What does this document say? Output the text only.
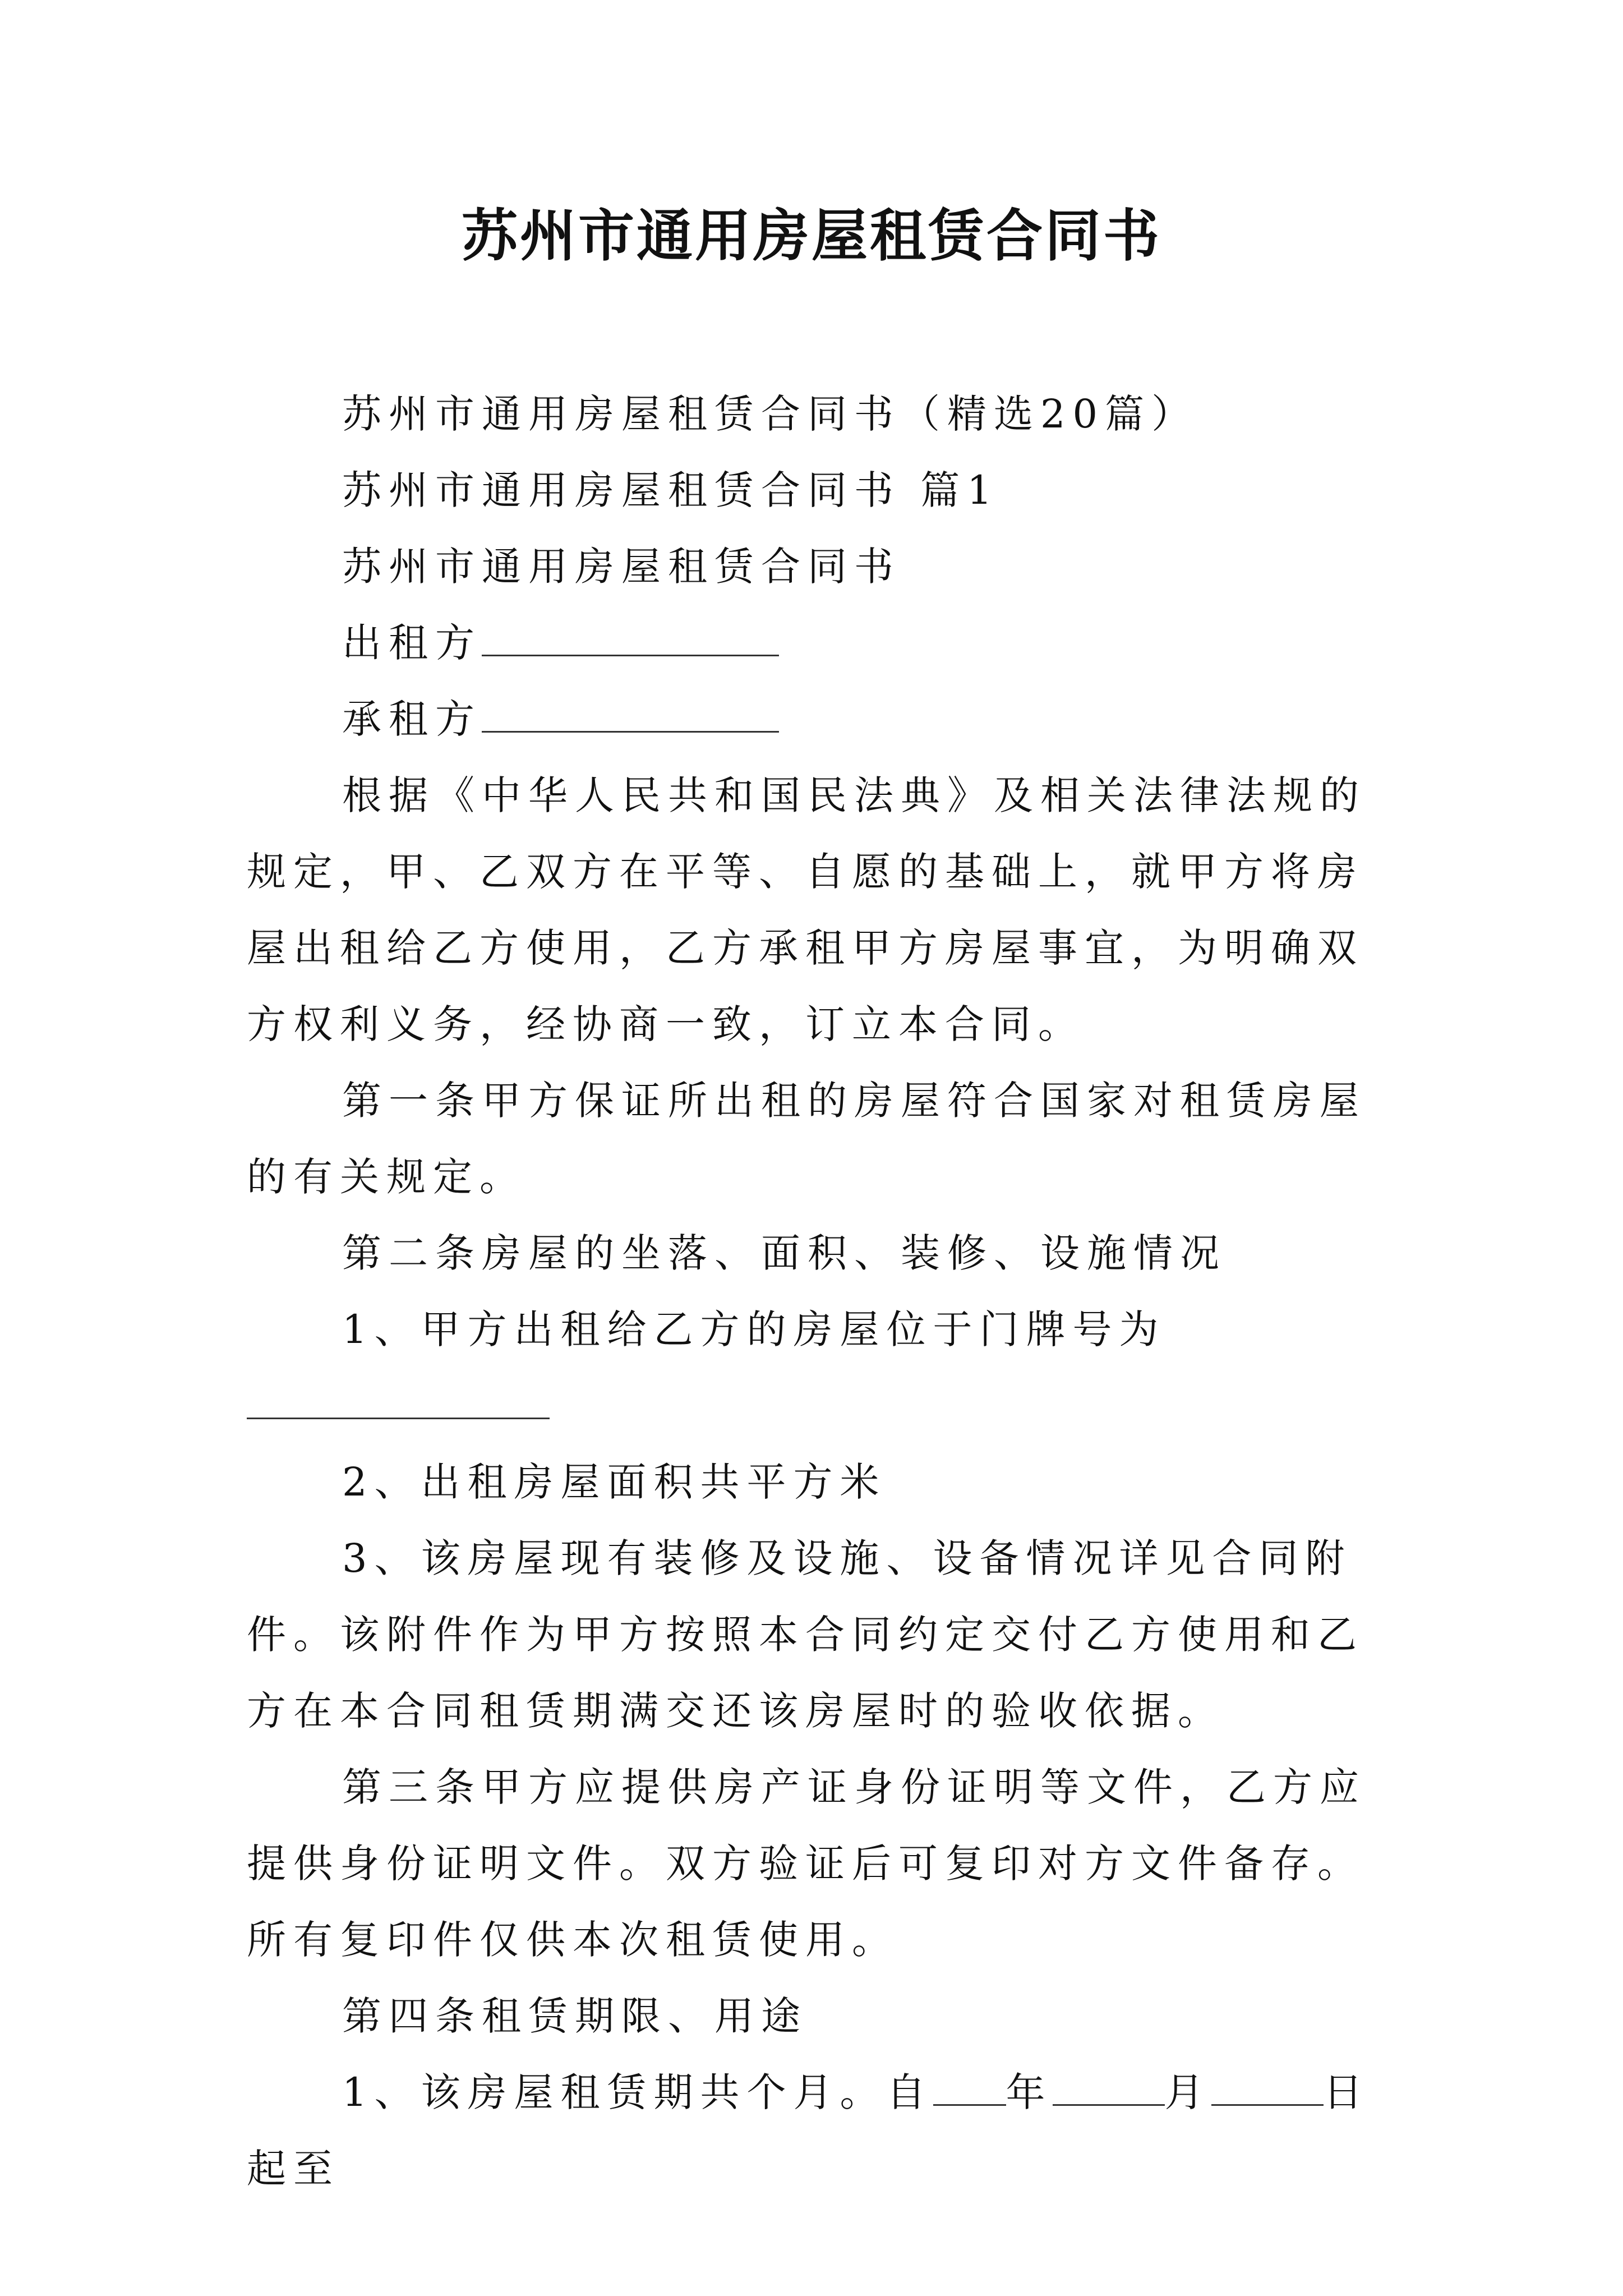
苏州市通用房屋租赁合同书

苏州市通用房屋租赁合同书（精选20篇）

苏州市通用房屋租赁合同书 篇1

苏州市通用房屋租赁合同书

出租方

承租方

根据《中华人民共和国民法典》及相关法律法规的规定，甲、乙双方在平等、自愿的基础上，就甲方将房屋出租给乙方使用，乙方承租甲方房屋事宜，为明确双方权利义务，经协商一致，订立本合同。

第一条甲方保证所出租的房屋符合国家对租赁房屋的有关规定。

第二条房屋的坐落、面积、装修、设施情况

1、甲方出租给乙方的房屋位于门牌号为

2、出租房屋面积共平方米

3、该房屋现有装修及设施、设备情况详见合同附件。该附件作为甲方按照本合同约定交付乙方使用和乙方在本合同租赁期满交还该房屋时的验收依据。

第三条甲方应提供房产证身份证明等文件，乙方应提供身份证明文件。双方验证后可复印对方文件备存。所有复印件仅供本次租赁使用。

第四条租赁期限、用途

1、该房屋租赁期共个月。自 年	月	日起至
